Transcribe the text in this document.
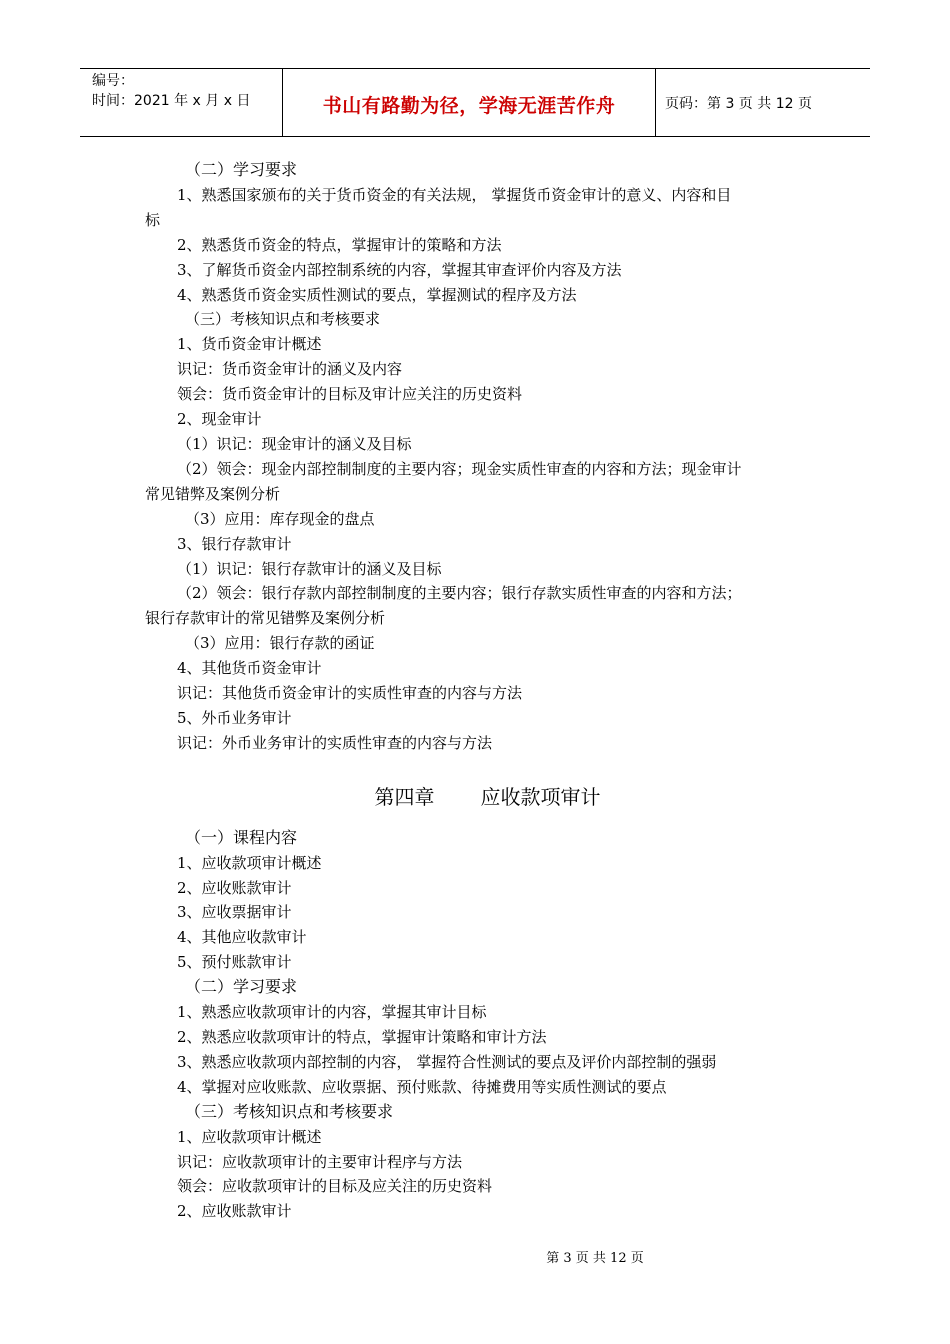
编号：
时间：2021 年 x 月 x 日	书山有路勤为径，学海无涯苦作舟	页码：第 3 页 共 12 页
（二）学习要求
1、熟悉国家颁布的关于货币资金的有关法规， 掌握货币资金审计的意义、内容和目
标
2、熟悉货币资金的特点，掌握审计的策略和方法
3、了解货币资金内部控制系统的内容，掌握其审查评价内容及方法
4、熟悉货币资金实质性测试的要点，掌握测试的程序及方法
（三）考核知识点和考核要求
1、货币资金审计概述
识记：货币资金审计的涵义及内容
领会：货币资金审计的目标及审计应关注的历史资料
2、现金审计
（1）识记：现金审计的涵义及目标
（2）领会：现金内部控制制度的主要内容；现金实质性审查的内容和方法；现金审计
常见错弊及案例分析
（3）应用：库存现金的盘点
3、银行存款审计
（1）识记：银行存款审计的涵义及目标
（2）领会：银行存款内部控制制度的主要内容；银行存款实质性审查的内容和方法；
银行存款审计的常见错弊及案例分析
（3）应用：银行存款的函证
4、其他货币资金审计
识记：其他货币资金审计的实质性审查的内容与方法
5、外币业务审计
识记：外币业务审计的实质性审查的内容与方法
第四章 应收款项审计
（一）课程内容
1、应收款项审计概述
2、应收账款审计
3、应收票据审计
4、其他应收款审计
5、预付账款审计
（二）学习要求
1、熟悉应收款项审计的内容，掌握其审计目标
2、熟悉应收款项审计的特点，掌握审计策略和审计方法
3、熟悉应收款项内部控制的内容， 掌握符合性测试的要点及评价内部控制的强弱
4、掌握对应收账款、应收票据、预付账款、待摊费用等实质性测试的要点
（三）考核知识点和考核要求
1、应收款项审计概述
识记：应收款项审计的主要审计程序与方法
领会：应收款项审计的目标及应关注的历史资料
2、应收账款审计
第 3 页 共 12 页
